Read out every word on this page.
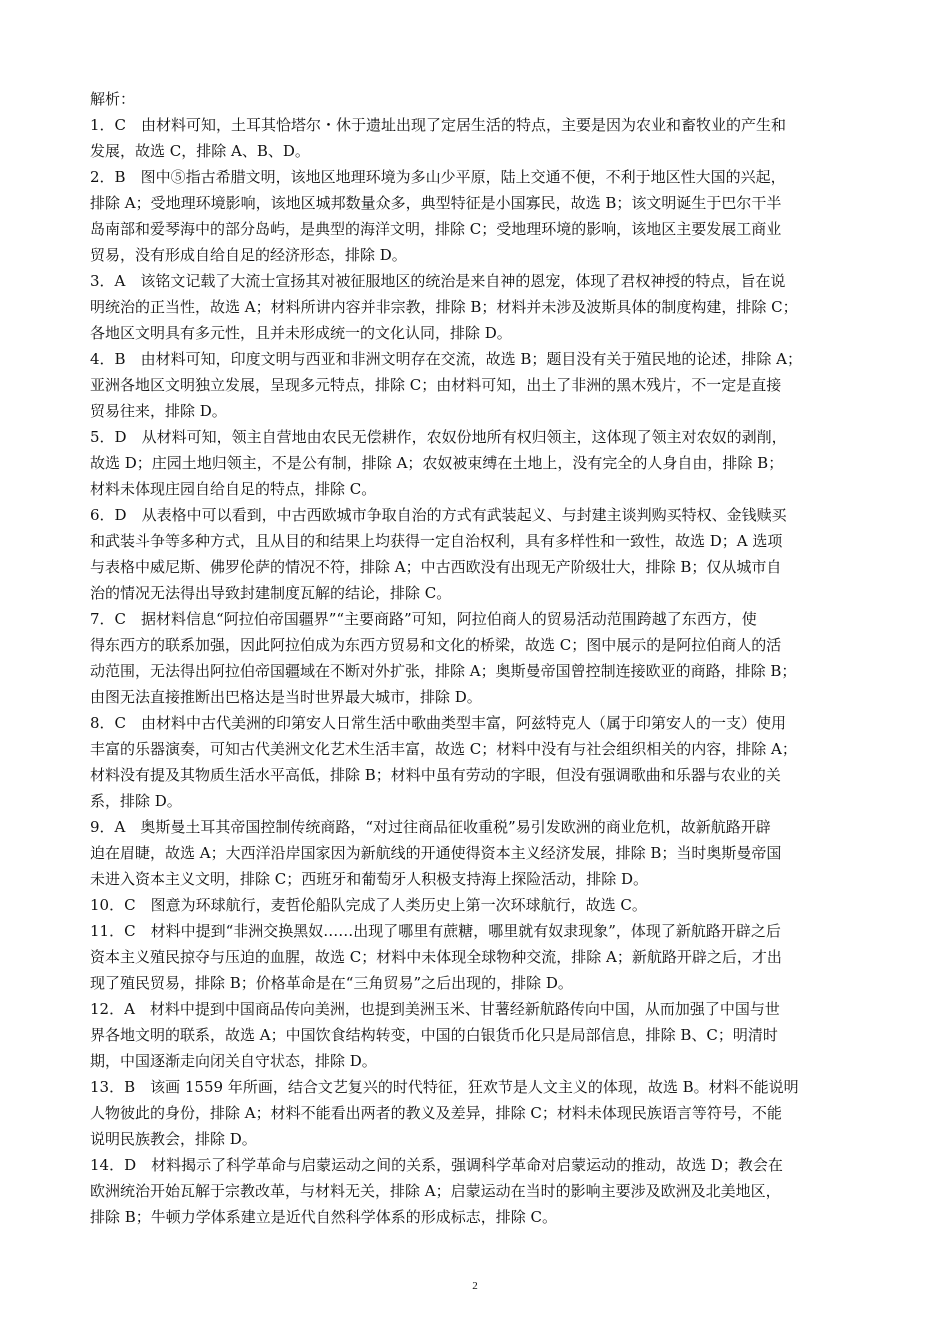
解析：
1．C　由材料可知，土耳其恰塔尔・休于遗址出现了定居生活的特点，主要是因为农业和畜牧业的产生和
发展，故选 C，排除 A、B、D。
2．B　图中⑤指古希腊文明，该地区地理环境为多山少平原，陆上交通不便，不利于地区性大国的兴起，
排除 A；受地理环境影响，该地区城邦数量众多，典型特征是小国寡民，故选 B；该文明诞生于巴尔干半
岛南部和爱琴海中的部分岛屿，是典型的海洋文明，排除 C；受地理环境的影响，该地区主要发展工商业
贸易，没有形成自给自足的经济形态，排除 D。
3．A　该铭文记载了大流士宣扬其对被征服地区的统治是来自神的恩宠，体现了君权神授的特点，旨在说
明统治的正当性，故选 A；材料所讲内容并非宗教，排除 B；材料并未涉及波斯具体的制度构建，排除 C；
各地区文明具有多元性，且并未形成统一的文化认同，排除 D。
4．B　由材料可知，印度文明与西亚和非洲文明存在交流，故选 B；题目没有关于殖民地的论述，排除 A；
亚洲各地区文明独立发展，呈现多元特点，排除 C；由材料可知，出土了非洲的黑木残片，不一定是直接
贸易往来，排除 D。
5．D　从材料可知，领主自营地由农民无偿耕作，农奴份地所有权归领主，这体现了领主对农奴的剥削，
故选 D；庄园土地归领主，不是公有制，排除 A；农奴被束缚在土地上，没有完全的人身自由，排除 B；
材料未体现庄园自给自足的特点，排除 C。
6．D　从表格中可以看到，中古西欧城市争取自治的方式有武装起义、与封建主谈判购买特权、金钱赎买
和武装斗争等多种方式，且从目的和结果上均获得一定自治权利，具有多样性和一致性，故选 D；A 选项
与表格中威尼斯、佛罗伦萨的情况不符，排除 A；中古西欧没有出现无产阶级壮大，排除 B；仅从城市自
治的情况无法得出导致封建制度瓦解的结论，排除 C。
7．C　据材料信息“阿拉伯帝国疆界”“主要商路”可知，阿拉伯商人的贸易活动范围跨越了东西方，使
得东西方的联系加强，因此阿拉伯成为东西方贸易和文化的桥梁，故选 C；图中展示的是阿拉伯商人的活
动范围，无法得出阿拉伯帝国疆域在不断对外扩张，排除 A；奥斯曼帝国曾控制连接欧亚的商路，排除 B；
由图无法直接推断出巴格达是当时世界最大城市，排除 D。
8．C　由材料中古代美洲的印第安人日常生活中歌曲类型丰富，阿兹特克人（属于印第安人的一支）使用
丰富的乐器演奏，可知古代美洲文化艺术生活丰富，故选 C；材料中没有与社会组织相关的内容，排除 A；
材料没有提及其物质生活水平高低，排除 B；材料中虽有劳动的字眼，但没有强调歌曲和乐器与农业的关
系，排除 D。
9．A　奥斯曼土耳其帝国控制传统商路，“对过往商品征收重税”易引发欧洲的商业危机，故新航路开辟
迫在眉睫，故选 A；大西洋沿岸国家因为新航线的开通使得资本主义经济发展，排除 B；当时奥斯曼帝国
未进入资本主义文明，排除 C；西班牙和葡萄牙人积极支持海上探险活动，排除 D。
10．C　图意为环球航行，麦哲伦船队完成了人类历史上第一次环球航行，故选 C。
11．C　材料中提到“非洲交换黑奴……出现了哪里有蔗糖，哪里就有奴隶现象”，体现了新航路开辟之后
资本主义殖民掠夺与压迫的血腥，故选 C；材料中未体现全球物种交流，排除 A；新航路开辟之后，才出
现了殖民贸易，排除 B；价格革命是在“三角贸易”之后出现的，排除 D。
12．A　材料中提到中国商品传向美洲，也提到美洲玉米、甘薯经新航路传向中国，从而加强了中国与世
界各地文明的联系，故选 A；中国饮食结构转变，中国的白银货币化只是局部信息，排除 B、C；明清时
期，中国逐渐走向闭关自守状态，排除 D。
13．B　该画 1559 年所画，结合文艺复兴的时代特征，狂欢节是人文主义的体现，故选 B。材料不能说明
人物彼此的身份，排除 A；材料不能看出两者的教义及差异，排除 C；材料未体现民族语言等符号，不能
说明民族教会，排除 D。
14．D　材料揭示了科学革命与启蒙运动之间的关系，强调科学革命对启蒙运动的推动，故选 D；教会在
欧洲统治开始瓦解于宗教改革，与材料无关，排除 A；启蒙运动在当时的影响主要涉及欧洲及北美地区，
排除 B；牛顿力学体系建立是近代自然科学体系的形成标志，排除 C。
2
